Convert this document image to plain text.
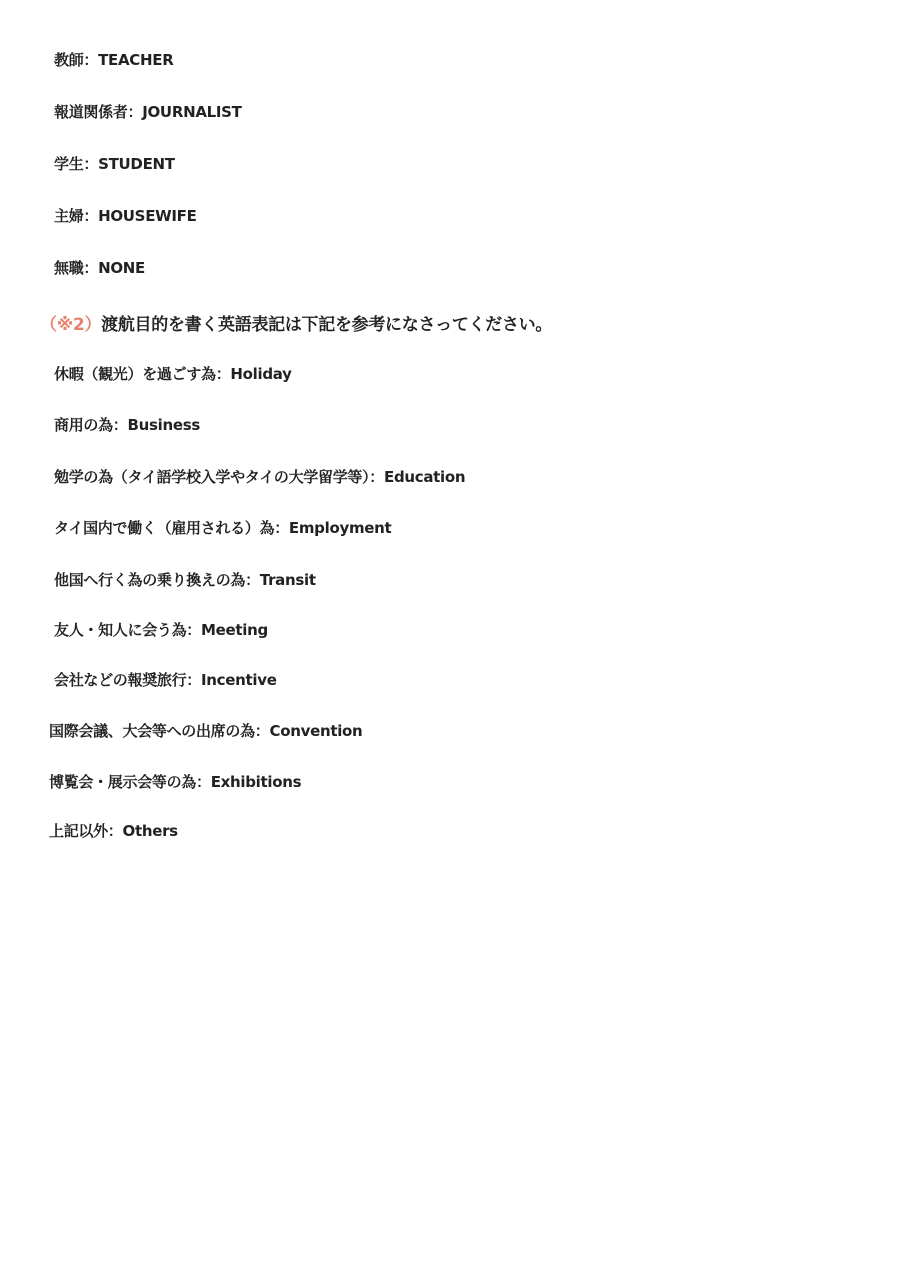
教師：TEACHER
報道関係者：JOURNALIST
学生：STUDENT
主婦：HOUSEWIFE
無職：NONE
（※2）渡航目的を書く英語表記は下記を参考になさってください。
休暇（観光）を過ごす為：Holiday
商用の為：Business
勉学の為（タイ語学校入学やタイの大学留学等）：Education
タイ国内で働く（雇用される）為：Employment
他国へ行く為の乗り換えの為：Transit
友人・知人に会う為：Meeting
会社などの報奨旅行：Incentive
国際会議、大会等への出席の為：Convention
博覧会・展示会等の為：Exhibitions
上記以外：Others
